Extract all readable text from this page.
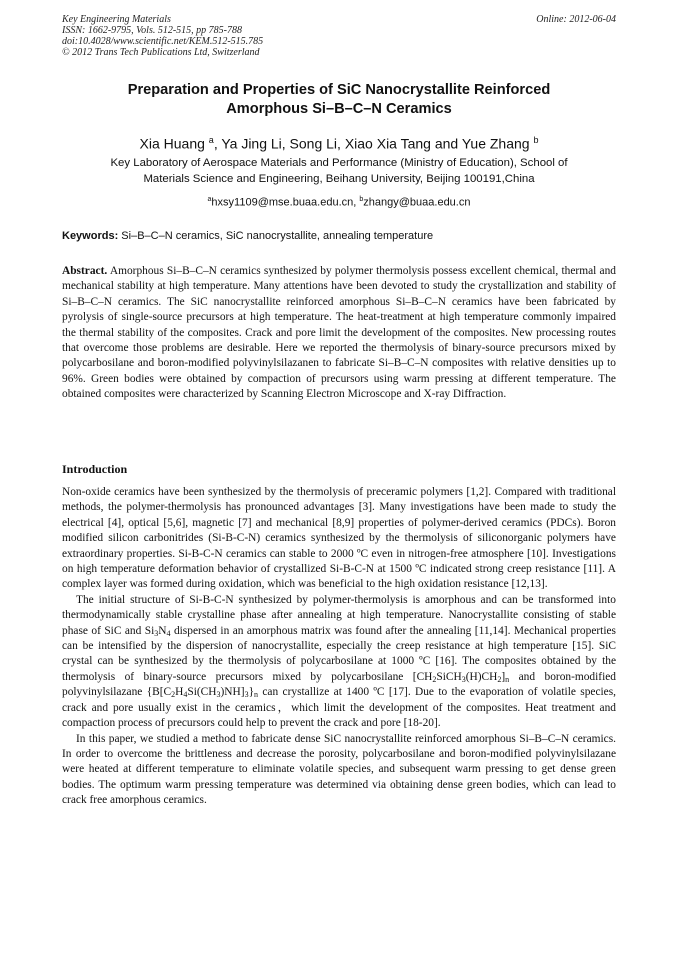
Key Engineering Materials
ISSN: 1662-9795, Vols. 512-515, pp 785-788
doi:10.4028/www.scientific.net/KEM.512-515.785
© 2012 Trans Tech Publications Ltd, Switzerland
Online: 2012-06-04
Preparation and Properties of SiC Nanocrystallite Reinforced
Amorphous Si–B–C–N Ceramics
Xia Huang $^a$, Ya Jing Li, Song Li, Xiao Xia Tang and Yue Zhang $^b$
Key Laboratory of Aerospace Materials and Performance (Ministry of Education), School of
Materials Science and Engineering, Beihang University, Beijing 100191,China
$^a$hxsy1109@mse.buaa.edu.cn, $^b$zhangy@buaa.edu.cn
Keywords: Si–B–C–N ceramics, SiC nanocrystallite, annealing temperature
Abstract. Amorphous Si–B–C–N ceramics synthesized by polymer thermolysis possess excellent chemical, thermal and mechanical stability at high temperature. Many attentions have been devoted to study the crystallization and stability of Si–B–C–N ceramics. The SiC nanocrystallite reinforced amorphous Si–B–C–N ceramics have been fabricated by pyrolysis of single-source precursors at high temperature. The heat-treatment at high temperature commonly impaired the thermal stability of the composites. Crack and pore limit the development of the composites. New processing routes that overcome those problems are desirable. Here we reported the thermolysis of binary-source precursors mixed by polycarbosilane and boron-modified polyvinylsilazanen to fabricate Si–B–C–N composites with relative densities up to 96%. Green bodies were obtained by compaction of precursors using warm pressing at different temperature. The obtained composites were characterized by Scanning Electron Microscope and X-ray Diffraction.
Introduction

Non-oxide ceramics have been synthesized by the thermolysis of preceramic polymers [1,2]. Compared with traditional methods, the polymer-thermolysis has pronounced advantages [3]. Many investigations have been made to study the electrical [4], optical [5,6], magnetic [7] and mechanical [8,9] properties of polymer-derived ceramics (PDCs). Boron modified silicon carbonitrides (Si-B-C-N) ceramics synthesized by the thermolysis of siliconorganic polymers have extraordinary properties. Si-B-C-N ceramics can stable to 2000 ºC even in nitrogen-free atmosphere [10]. Investigations on high temperature deformation behavior of crystallized Si-B-C-N at 1500 ºC indicated strong creep resistance [11]. A complex layer was formed during oxidation, which was beneficial to the high oxidation resistance [12,13].

The initial structure of Si-B-C-N synthesized by polymer-thermolysis is amorphous and can be transformed into thermodynamically stable crystalline phase after annealing at high temperature. Nanocrystallite consisting of stable phase of SiC and $Si_3N_4$ dispersed in an amorphous matrix was found after the annealing [11,14]. Mechanical properties can be intensified by the dispersion of nanocrystallite, especially the creep resistance at high temperature [15]. SiC crystal can be synthesized by the thermolysis of polycarbosilane at 1000 ºC [16]. The composites obtained by the thermolysis of binary-source precursors mixed by polycarbosilane $[CH_2SiCH_3(H)CH_2]_n$ and boron-modified polyvinylsilazane $\{B[C_2H_4Si(CH_3)NH]_3\}_n$ can crystallize at 1400 ºC [17]. Due to the evaporation of volatile species, crack and pore usually exist in the ceramics，which limit the development of the composites. Heat treatment and compaction process of precursors could help to prevent the crack and pore [18-20].

In this paper, we studied a method to fabricate dense SiC nanocrystallite reinforced amorphous Si–B–C–N ceramics. In order to overcome the brittleness and decrease the porosity, polycarbosilane and boron-modified polyvinylsilazane were heated at different temperature to eliminate volatile species, and subsequent warm pressing to get dense green bodies. The optimum warm pressing temperature was determined via obtaining dense green bodies, which can lead to crack free amorphous ceramics.
